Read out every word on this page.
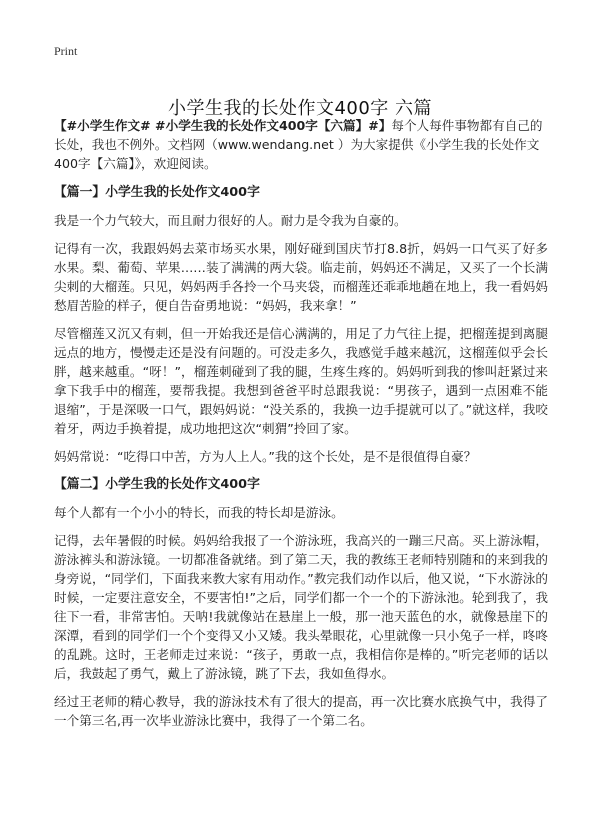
Print
小学生我的长处作文400字 六篇

【#小学生作文# #小学生我的长处作文400字【六篇】#】每个人每件事物都有自己的长处，我也不例外。文档网（www.wendang.net ）为大家提供《小学生我的长处作文400字【六篇】》，欢迎阅读。

【篇一】小学生我的长处作文400字

我是一个力气较大，而且耐力很好的人。耐力是令我为自豪的。

记得有一次，我跟妈妈去菜市场买水果，刚好碰到国庆节打8.8折，妈妈一口气买了好多水果。梨、葡萄、苹果……装了满满的两大袋。临走前，妈妈还不满足，又买了一个长满尖刺的大榴莲。只见，妈妈两手各拎一个马夹袋，而榴莲还乖乖地趟在地上，我一看妈妈愁眉苦脸的样子，便自告奋勇地说：“妈妈，我来拿！”

尽管榴莲又沉又有刺，但一开始我还是信心满满的，用足了力气往上提，把榴莲提到离腿远点的地方，慢慢走还是没有问题的。可没走多久，我感觉手越来越沉，这榴莲似乎会长胖，越来越重。“呀！”，榴莲刺碰到了我的腿，生疼生疼的。妈妈听到我的惨叫赶紧过来拿下我手中的榴莲，要帮我提。我想到爸爸平时总跟我说：“男孩子，遇到一点困难不能退缩”，于是深吸一口气，跟妈妈说：“没关系的，我换一边手提就可以了。”就这样，我咬着牙，两边手换着提，成功地把这次“刺猬”拎回了家。

妈妈常说：“吃得口中苦，方为人上人。”我的这个长处，是不是很值得自豪？

【篇二】小学生我的长处作文400字

每个人都有一个小小的特长，而我的特长却是游泳。

记得，去年暑假的时候。妈妈给我报了一个游泳班，我高兴的一蹦三尺高。买上游泳帽，游泳裤头和游泳镜。一切都准备就绪。到了第二天，我的教练王老师特别随和的来到我的身旁说，“同学们，下面我来教大家有用动作。”教完我们动作以后，他又说，“下水游泳的时候，一定要注意安全，不要害怕!”之后，同学们都一个一个的下游泳池。轮到我了，我往下一看，非常害怕。天呐!我就像站在悬崖上一般，那一池天蓝色的水，就像悬崖下的深潭，看到的同学们一个个变得又小又矮。我头晕眼花，心里就像一只小兔子一样，咚咚的乱跳。这时，王老师走过来说：“孩子，勇敢一点，我相信你是棒的。”听完老师的话以后，我鼓起了勇气，戴上了游泳镜，跳了下去，我如鱼得水。

经过王老师的精心教导，我的游泳技术有了很大的提高，再一次比赛水底换气中，我得了一个第三名,再一次毕业游泳比赛中，我得了一个第二名。
